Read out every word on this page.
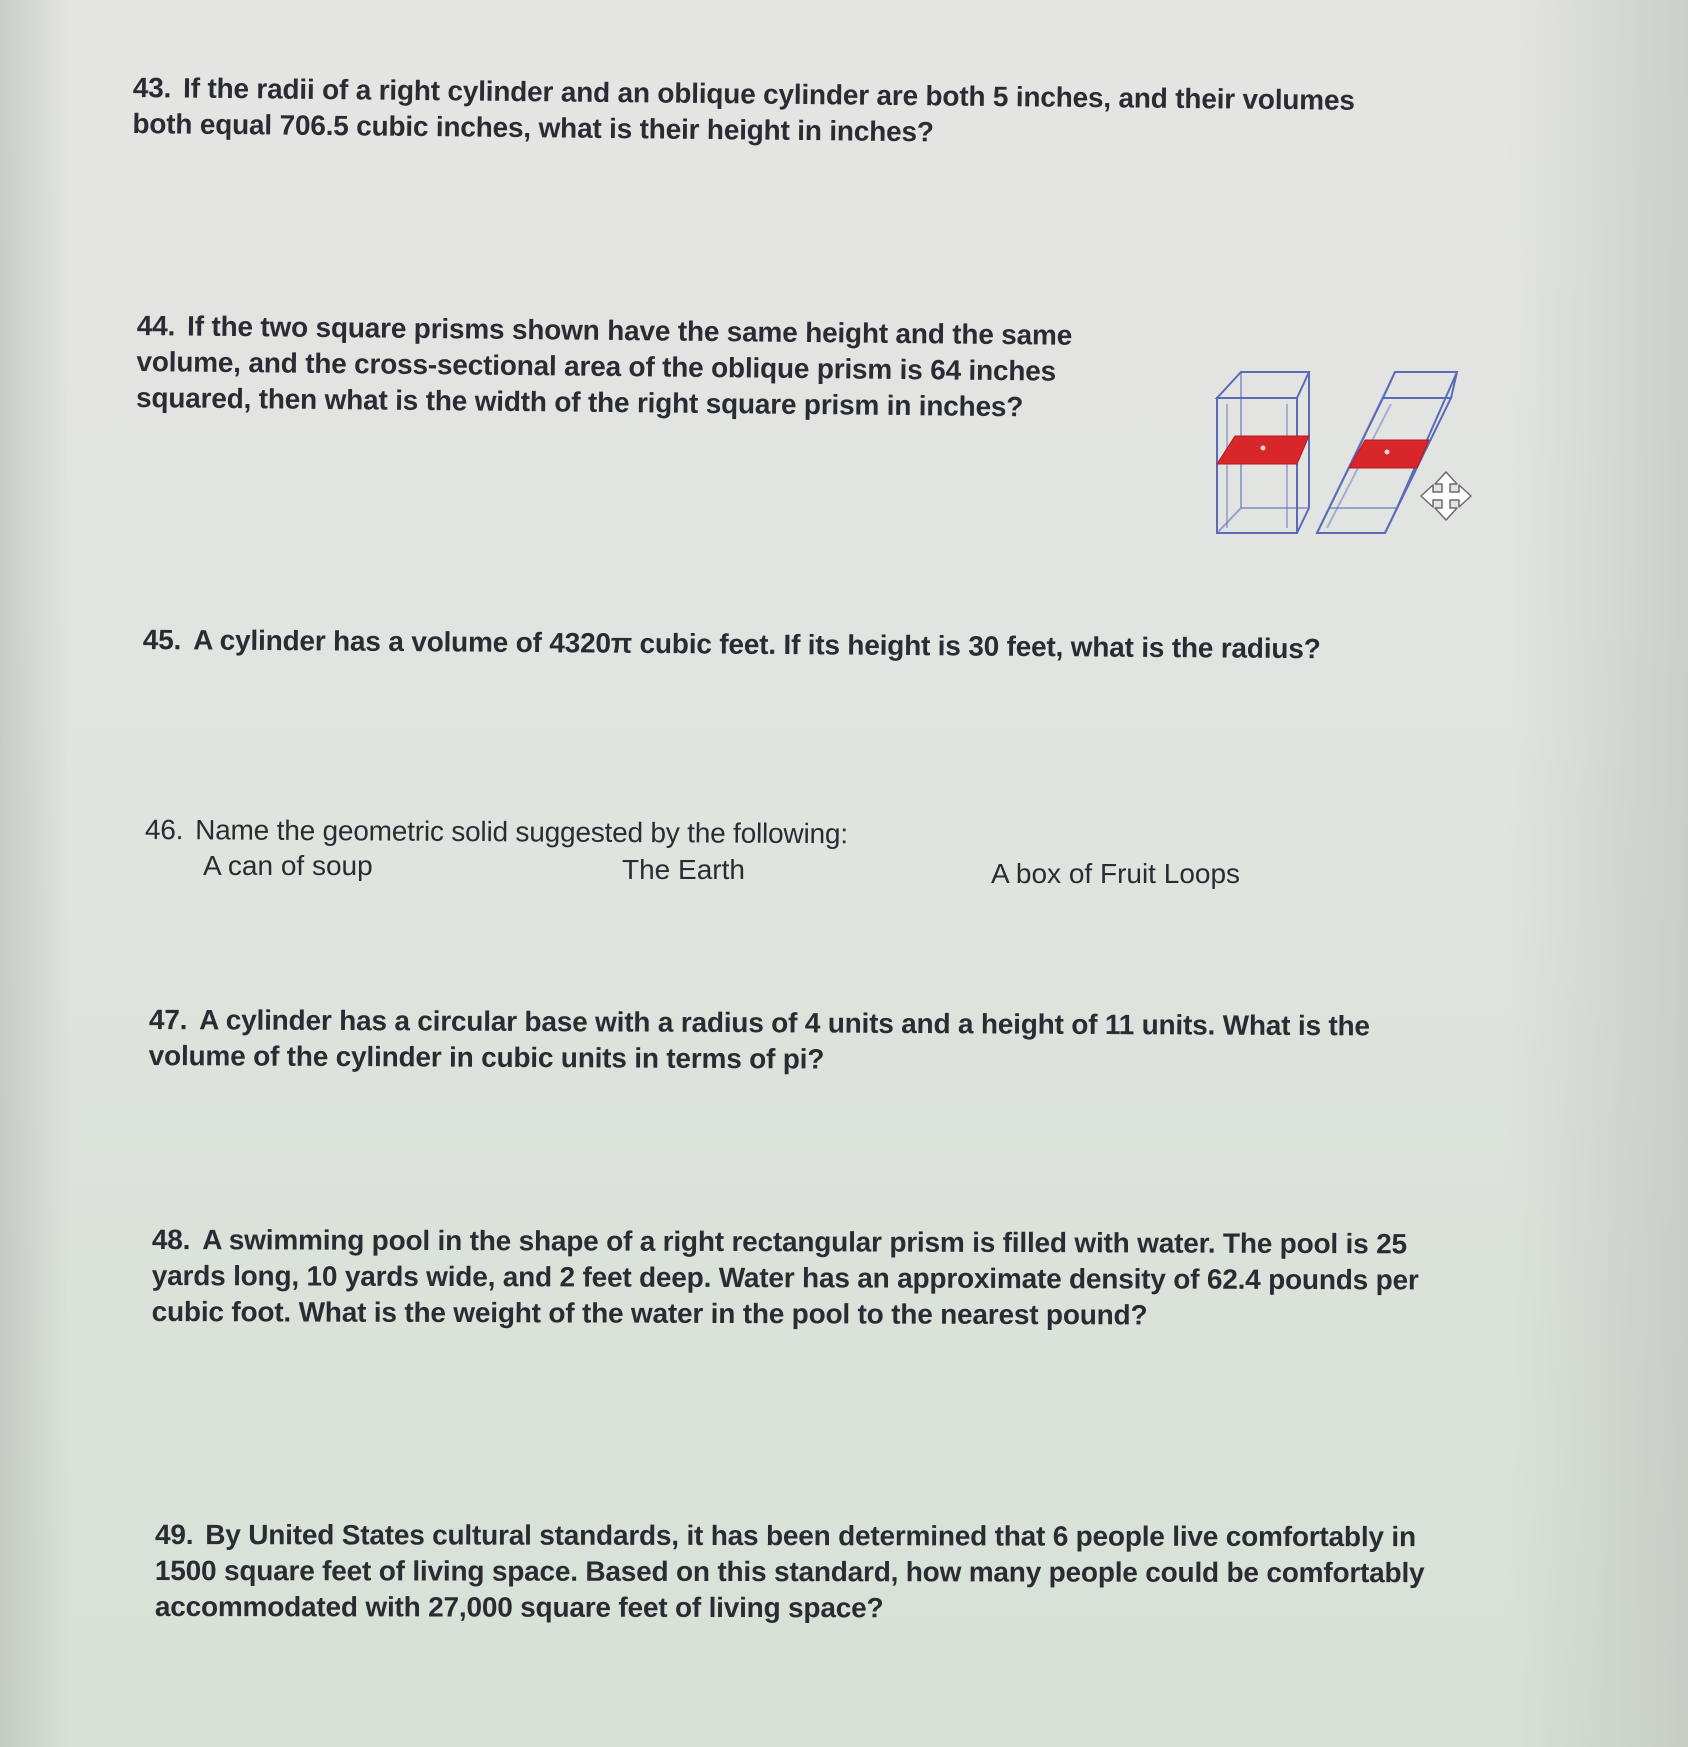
43. If the radii of a right cylinder and an oblique cylinder are both 5 inches, and their volumes
both equal 706.5 cubic inches, what is their height in inches?
44. If the two square prisms shown have the same height and the same
volume, and the cross-sectional area of the oblique prism is 64 inches
squared, then what is the width of the right square prism in inches?
45. A cylinder has a volume of 4320π cubic feet. If its height is 30 feet, what is the radius?
46. Name the geometric solid suggested by the following:
A can of soup	The Earth	A box of Fruit Loops
47. A cylinder has a circular base with a radius of 4 units and a height of 11 units. What is the
volume of the cylinder in cubic units in terms of pi?
48. A swimming pool in the shape of a right rectangular prism is filled with water. The pool is 25
yards long, 10 yards wide, and 2 feet deep. Water has an approximate density of 62.4 pounds per
cubic foot. What is the weight of the water in the pool to the nearest pound?
49. By United States cultural standards, it has been determined that 6 people live comfortably in
1500 square feet of living space. Based on this standard, how many people could be comfortably
accommodated with 27,000 square feet of living space?
